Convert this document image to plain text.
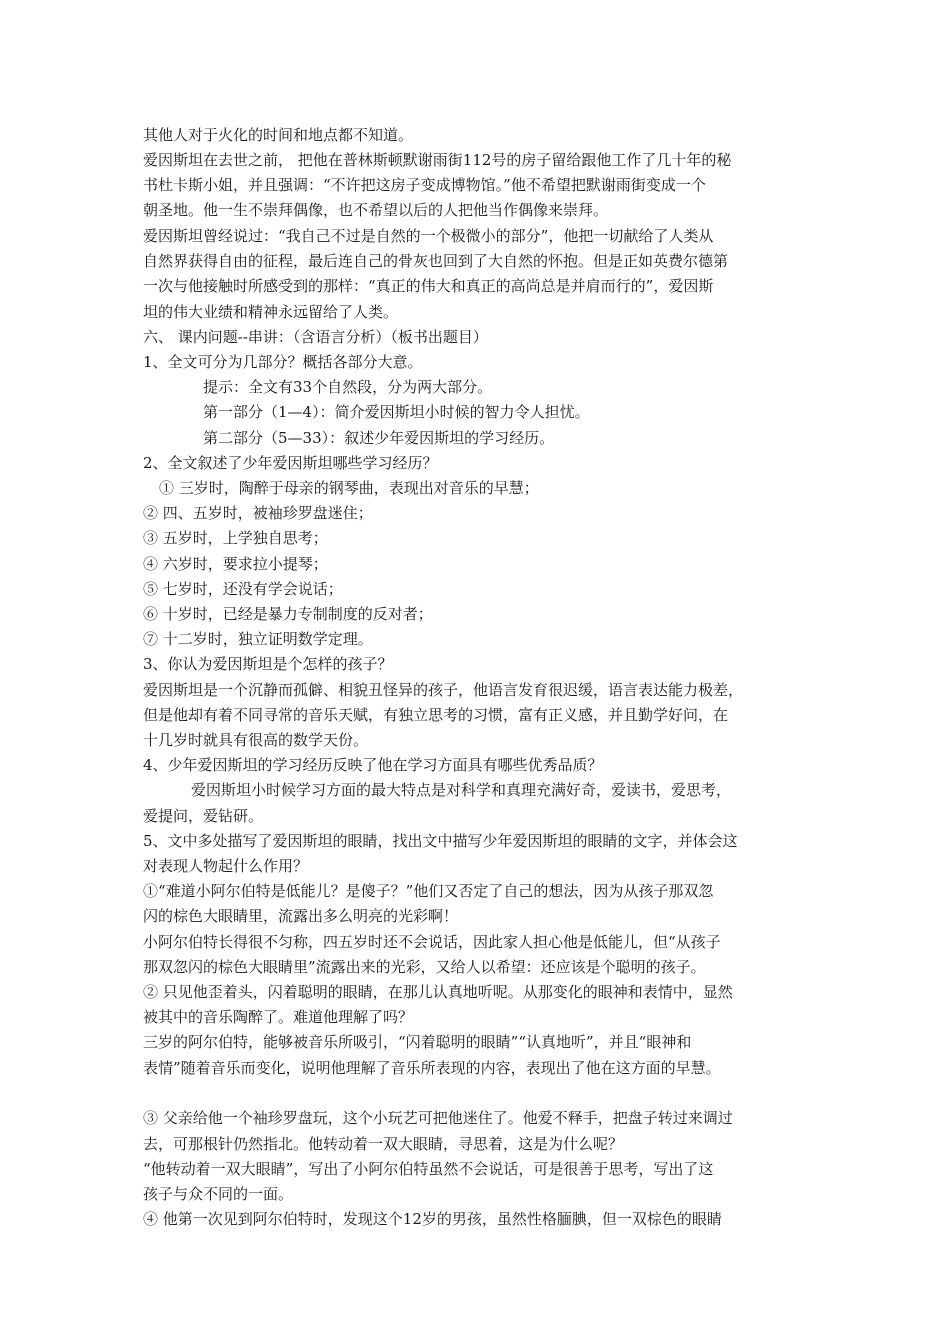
其他人对于火化的时间和地点都不知道。
爱因斯坦在去世之前， 把他在普林斯顿默谢雨街112号的房子留给跟他工作了几十年的秘
书杜卡斯小姐，并且强调：“不许把这房子变成博物馆。”他不希望把默谢雨街变成一个
朝圣地。他一生不崇拜偶像，也不希望以后的人把他当作偶像来崇拜。
爱因斯坦曾经说过：“我自己不过是自然的一个极微小的部分”，他把一切献给了人类从
自然界获得自由的征程，最后连自己的骨灰也回到了大自然的怀抱。但是正如英费尔德第
一次与他接触时所感受到的那样：“真正的伟大和真正的高尚总是并肩而行的”，爱因斯
坦的伟大业绩和精神永远留给了人类。
六、 课内问题--串讲：（含语言分析）（板书出题目）
1、全文可分为几部分？概括各部分大意。
提示：全文有33个自然段，分为两大部分。
第一部分（1—4）：简介爱因斯坦小时候的智力令人担忧。
第二部分（5—33）：叙述少年爱因斯坦的学习经历。
2、全文叙述了少年爱因斯坦哪些学习经历？
① 三岁时，陶醉于母亲的钢琴曲，表现出对音乐的早慧；
② 四、五岁时，被袖珍罗盘迷住；
③ 五岁时，上学独自思考；
④ 六岁时，要求拉小提琴；
⑤ 七岁时，还没有学会说话；
⑥ 十岁时，已经是暴力专制制度的反对者；
⑦ 十二岁时，独立证明数学定理。
3、你认为爱因斯坦是个怎样的孩子？
爱因斯坦是一个沉静而孤僻、相貌丑怪异的孩子，他语言发育很迟缓，语言表达能力极差，
但是他却有着不同寻常的音乐天赋，有独立思考的习惯，富有正义感，并且勤学好问，在
十几岁时就具有很高的数学天份。
4、少年爱因斯坦的学习经历反映了他在学习方面具有哪些优秀品质？
爱因斯坦小时候学习方面的最大特点是对科学和真理充满好奇，爱读书，爱思考，
爱提问，爱钻研。
5、文中多处描写了爱因斯坦的眼睛，找出文中描写少年爱因斯坦的眼睛的文字，并体会这
对表现人物起什么作用？
①“难道小阿尔伯特是低能儿？是傻子？”他们又否定了自己的想法，因为从孩子那双忽
闪的棕色大眼睛里，流露出多么明亮的光彩啊！
小阿尔伯特长得很不匀称，四五岁时还不会说话，因此家人担心他是低能儿，但“从孩子
那双忽闪的棕色大眼睛里”流露出来的光彩，又给人以希望：还应该是个聪明的孩子。
② 只见他歪着头，闪着聪明的眼睛，在那儿认真地听呢。从那变化的眼神和表情中，显然
被其中的音乐陶醉了。难道他理解了吗？
三岁的阿尔伯特，能够被音乐所吸引，“闪着聪明的眼睛”“认真地听”，并且“眼神和
表情”随着音乐而变化，说明他理解了音乐所表现的内容，表现出了他在这方面的早慧。
③ 父亲给他一个袖珍罗盘玩，这个小玩艺可把他迷住了。他爱不释手，把盘子转过来调过
去，可那根针仍然指北。他转动着一双大眼睛，寻思着，这是为什么呢？
“他转动着一双大眼睛”，写出了小阿尔伯特虽然不会说话，可是很善于思考，写出了这
孩子与众不同的一面。
④ 他第一次见到阿尔伯特时，发现这个12岁的男孩，虽然性格腼腆，但一双棕色的眼睛
